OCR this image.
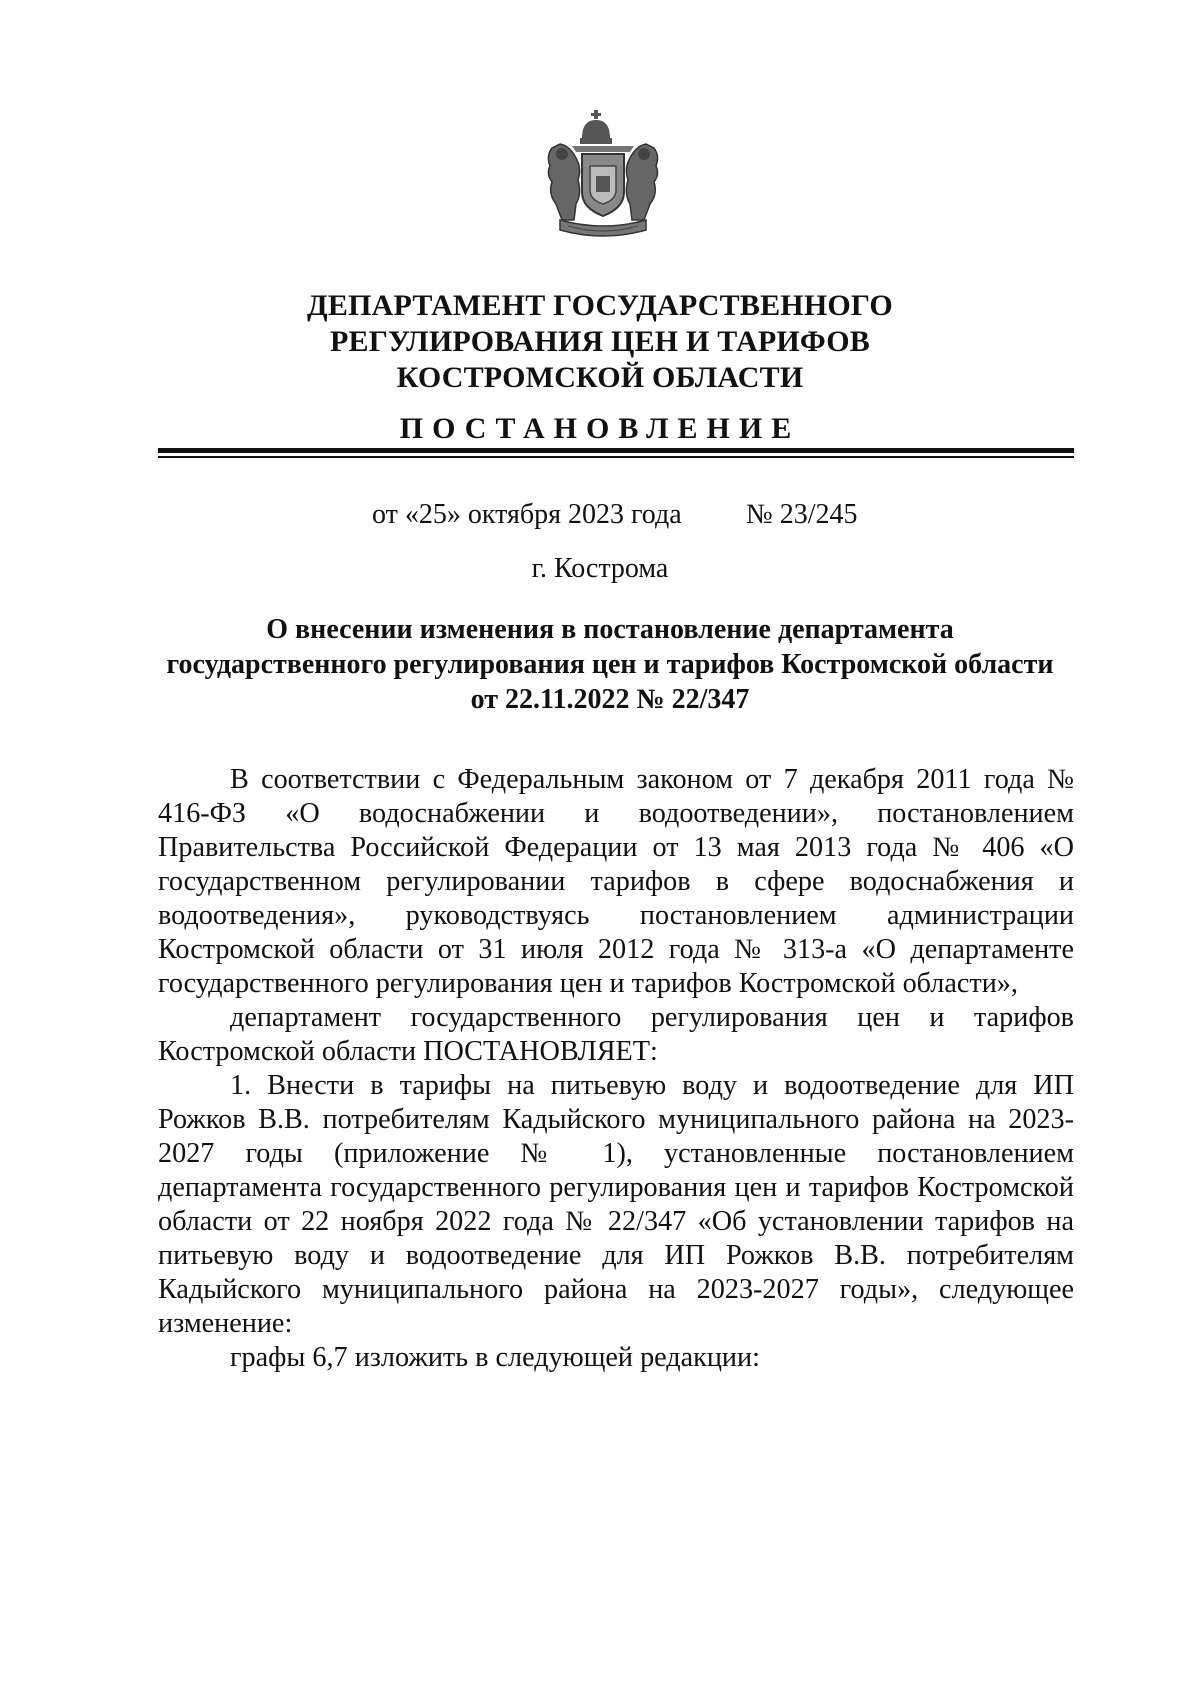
ДЕПАРТАМЕНТ ГОСУДАРСТВЕННОГО
РЕГУЛИРОВАНИЯ ЦЕН И ТАРИФОВ
КОСТРОМСКОЙ ОБЛАСТИ
ПОСТАНОВЛЕНИЕ
от «25» октября 2023 года № 23/245
г. Кострома
О внесении изменения в постановление департамента
государственного регулирования цен и тарифов Костромской области
от 22.11.2022 № 22/347

В соответствии с Федеральным законом от 7 декабря 2011 года № 416-ФЗ «О водоснабжении и водоотведении», постановлением Правительства Российской Федерации от 13 мая 2013 года № 406 «О государственном регулировании тарифов в сфере водоснабжения и водоотведения», руководствуясь постановлением администрации Костромской области от 31 июля 2012 года № 313-а «О департаменте государственного регулирования цен и тарифов Костромской области»,

департамент государственного регулирования цен и тарифов Костромской области ПОСТАНОВЛЯЕТ:

1. Внести в тарифы на питьевую воду и водоотведение для ИП Рожков В.В. потребителям Кадыйского муниципального района на 2023-2027 годы (приложение № 1), установленные постановлением департамента государственного регулирования цен и тарифов Костромской области от 22 ноября 2022 года № 22/347 «Об установлении тарифов на питьевую воду и водоотведение для ИП Рожков В.В. потребителям Кадыйского муниципального района на 2023-2027 годы», следующее изменение:

графы 6,7 изложить в следующей редакции:
